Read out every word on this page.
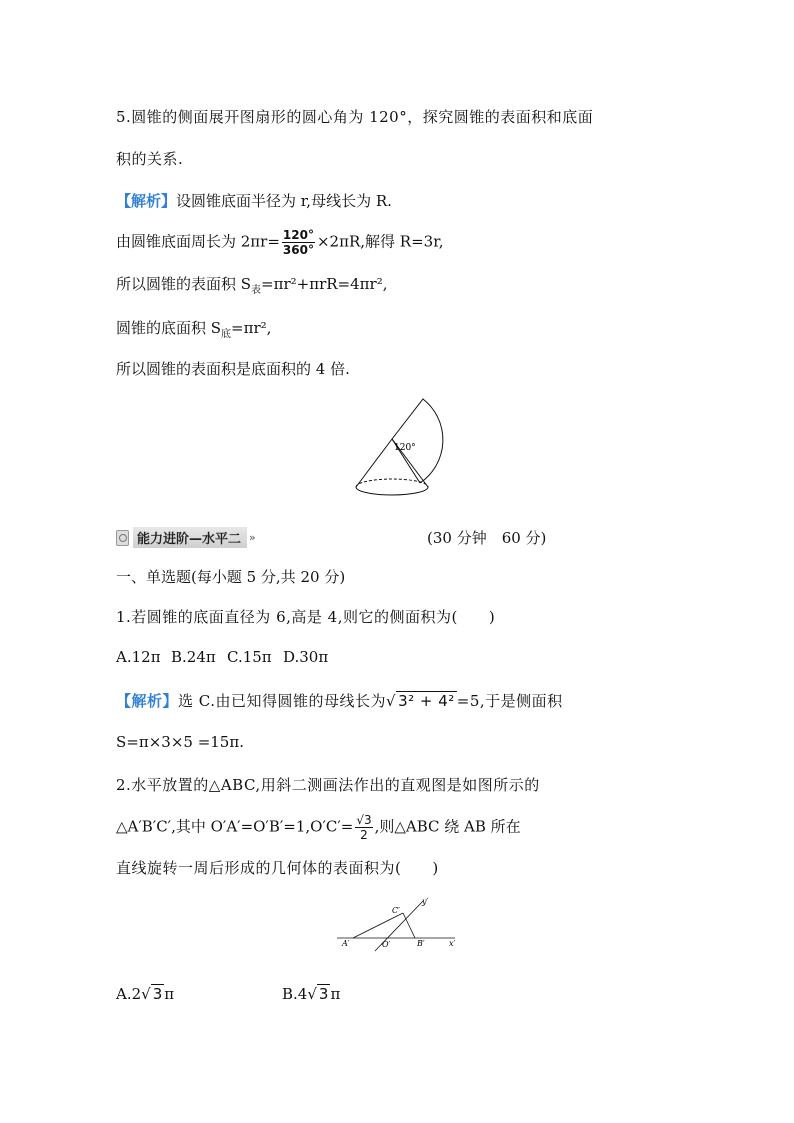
5.圆锥的侧面展开图扇形的圆心角为 120°，探究圆锥的表面积和底面
积的关系.
【解析】设圆锥底面半径为 r,母线长为 R.
由圆锥底面周长为 $2\pi r= \frac{120^\circ}{360^\circ} \times 2\pi R$,解得 R=3r,
所以圆锥的表面积 $S_表=\pi r^2+\pi rR=4\pi r^2$,
圆锥的底面积 $S_底=\pi r^2$,
所以圆锥的表面积是底面积的 4 倍.
120°
能力进阶—水平二 »	(30 分钟　60 分)
一、单选题(每小题 5 分,共 20 分)
1.若圆锥的底面直径为 6,高是 4,则它的侧面积为(　　)
A.12π B.24π C.15π D.30π
【解析】选 C.由已知得圆锥的母线长为√ 3² + 4² =5,于是侧面积
S=π×3×5 =15π.
2.水平放置的△ABC,用斜二测画法作出的直观图是如图所示的
△A′B′C′,其中 $O'A'=O'B'=1,O'C'= \frac{√3}{2}$ ,则△ABC 绕 AB 所在
直线旋转一周后形成的几何体的表面积为(　　)
A′	O′	B′	x′
C′
y′
A.2√ 3 π	B.4√ 3 π
